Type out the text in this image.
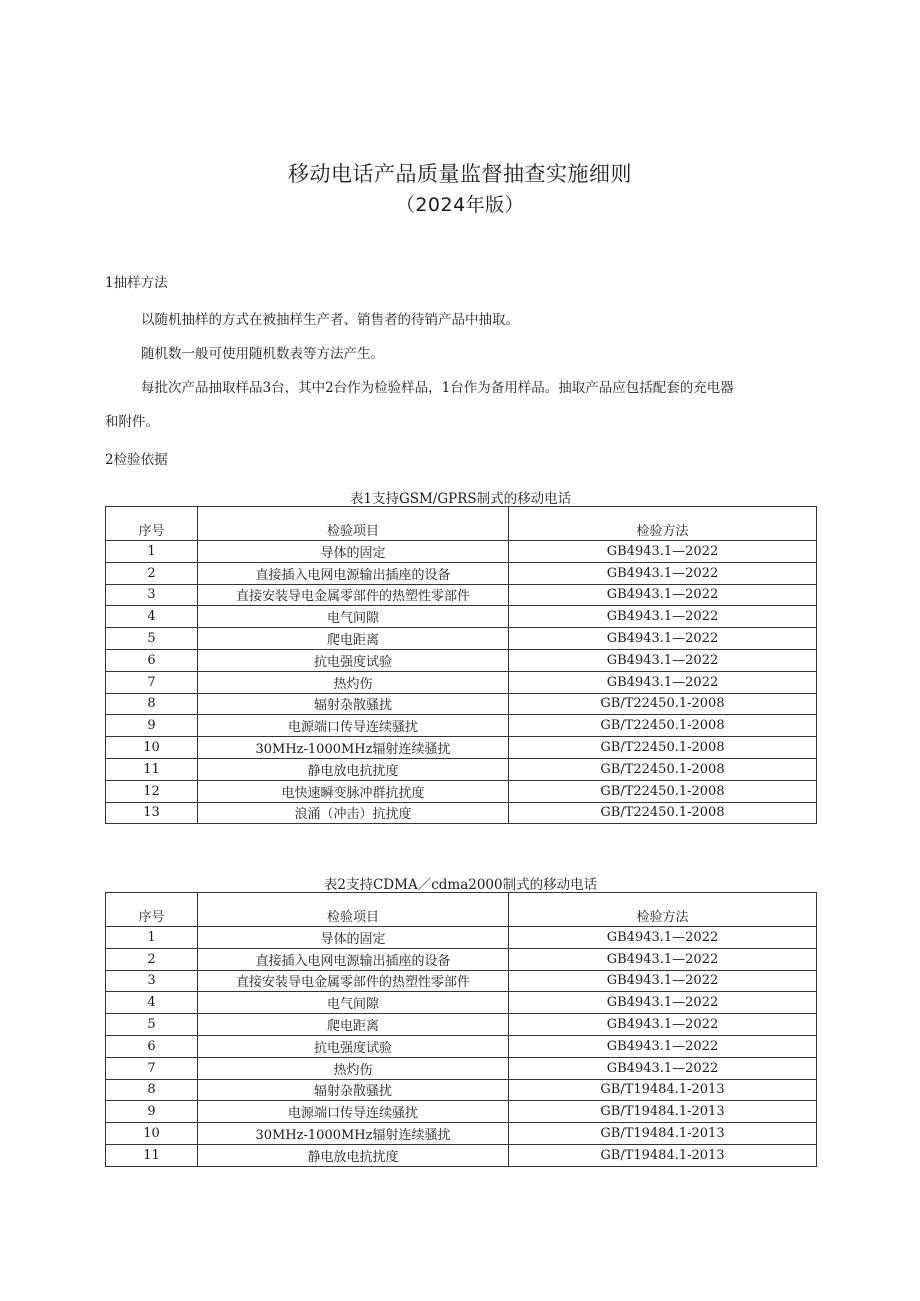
移动电话产品质量监督抽查实施细则
（2024年版）
1抽样方法
以随机抽样的方式在被抽样生产者、销售者的待销产品中抽取。
随机数一般可使用随机数表等方法产生。
每批次产品抽取样品3台，其中2台作为检验样品，1台作为备用样品。抽取产品应包括配套的充电器
和附件。
2检验依据
表1支持GSM/GPRS制式的移动电话
序号	检验项目	检验方法
1	导体的固定	GB4943.1—2022
2	直接插入电网电源输出插座的设备	GB4943.1—2022
3	直接安装导电金属零部件的热塑性零部件	GB4943.1—2022
4	电气间隙	GB4943.1—2022
5	爬电距离	GB4943.1—2022
6	抗电强度试验	GB4943.1—2022
7	热灼伤	GB4943.1—2022
8	辐射杂散骚扰	GB/T22450.1-2008
9	电源端口传导连续骚扰	GB/T22450.1-2008
10	30MHz-1000MHz辐射连续骚扰	GB/T22450.1-2008
11	静电放电抗扰度	GB/T22450.1-2008
12	电快速瞬变脉冲群抗扰度	GB/T22450.1-2008
13	浪涌（冲击）抗扰度	GB/T22450.1-2008
表2支持CDMA／cdma2000制式的移动电话
序号	检验项目	检验方法
1	导体的固定	GB4943.1—2022
2	直接插入电网电源输出插座的设备	GB4943.1—2022
3	直接安装导电金属零部件的热塑性零部件	GB4943.1—2022
4	电气间隙	GB4943.1—2022
5	爬电距离	GB4943.1—2022
6	抗电强度试验	GB4943.1—2022
7	热灼伤	GB4943.1—2022
8	辐射杂散骚扰	GB/T19484.1-2013
9	电源端口传导连续骚扰	GB/T19484.1-2013
10	30MHz-1000MHz辐射连续骚扰	GB/T19484.1-2013
11	静电放电抗扰度	GB/T19484.1-2013
